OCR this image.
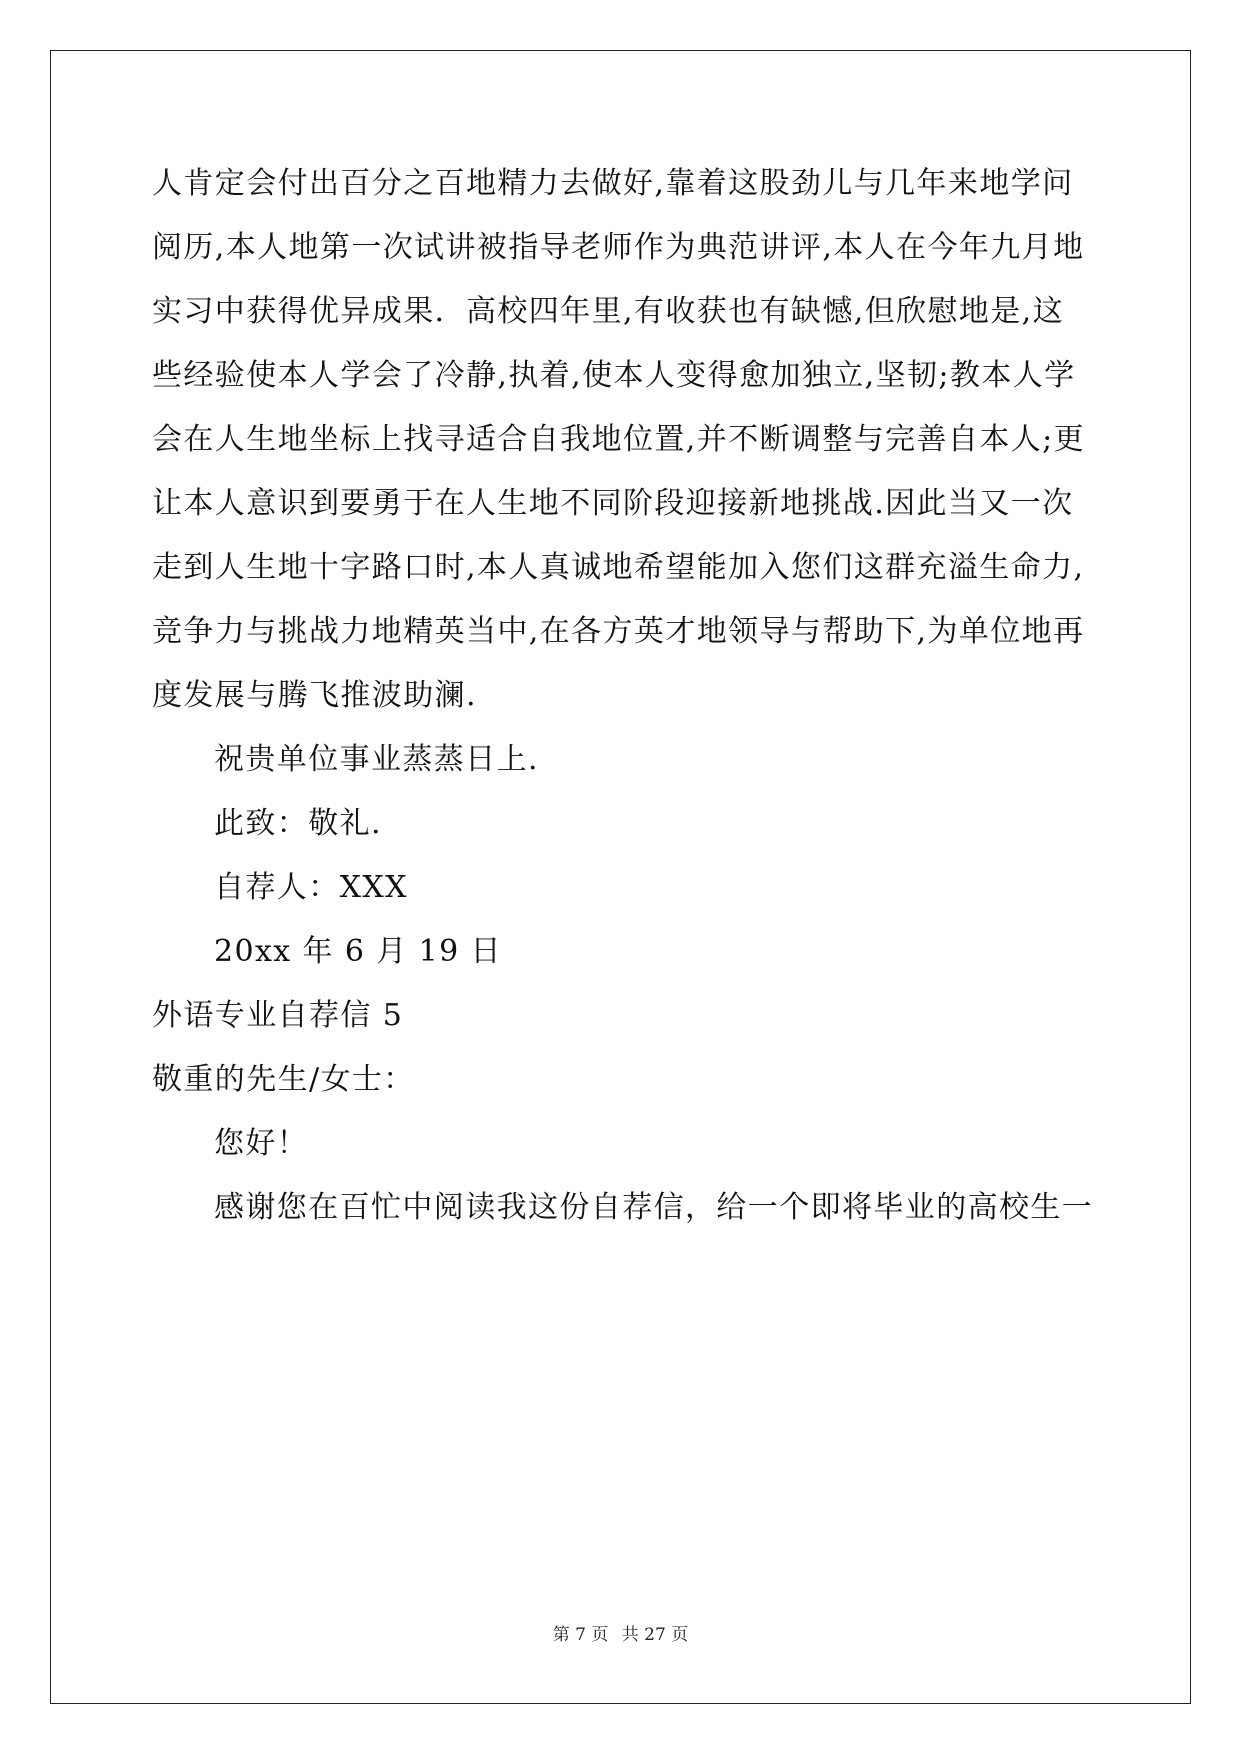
人肯定会付出百分之百地精力去做好,靠着这股劲儿与几年来地学问
阅历,本人地第一次试讲被指导老师作为典范讲评,本人在今年九月地
实习中获得优异成果．高校四年里,有收获也有缺憾,但欣慰地是,这
些经验使本人学会了冷静,执着,使本人变得愈加独立,坚韧;教本人学
会在人生地坐标上找寻适合自我地位置,并不断调整与完善自本人;更
让本人意识到要勇于在人生地不同阶段迎接新地挑战.因此当又一次
走到人生地十字路口时,本人真诚地希望能加入您们这群充溢生命力,
竞争力与挑战力地精英当中,在各方英才地领导与帮助下,为单位地再
度发展与腾飞推波助澜.
祝贵单位事业蒸蒸日上.
此致：敬礼.
自荐人：XXX
20xx 年 6 月 19 日
外语专业自荐信 5
敬重的先生/女士：
您好！
感谢您在百忙中阅读我这份自荐信，给一个即将毕业的高校生一
第 7 页 共 27 页
